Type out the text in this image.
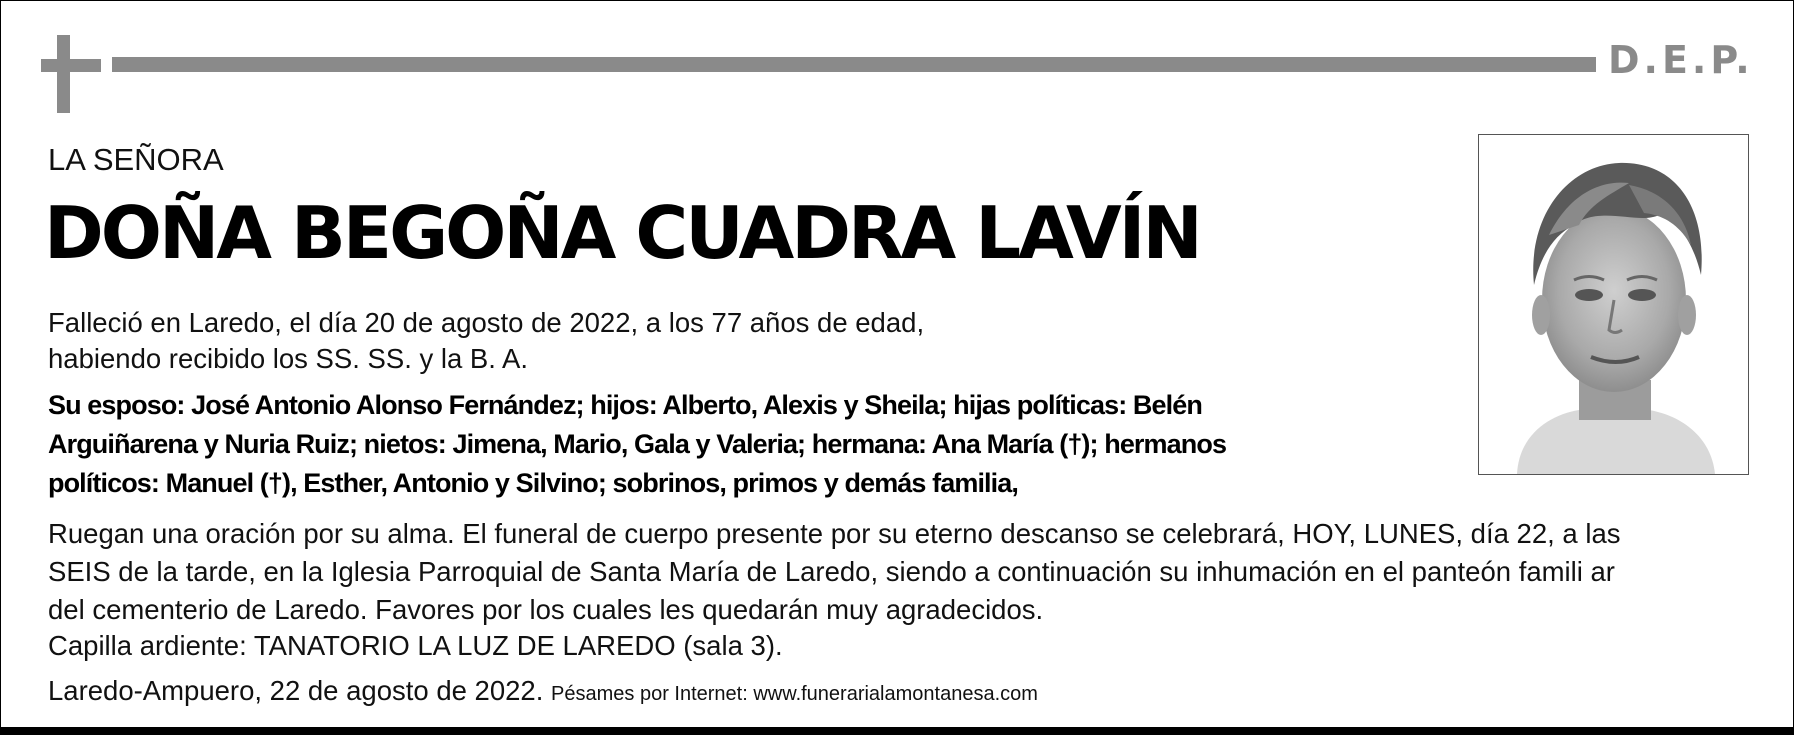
D.E.P.
LA SEÑORA
DOÑA BEGOÑA CUADRA LAVÍN
Falleció en Laredo, el día 20 de agosto de 2022, a los 77 años de edad,
habiendo recibido los SS. SS. y la B. A.
Su esposo: José Antonio Alonso Fernández; hijos: Alberto, Alexis y Sheila; hijas políticas: Belén
Arguiñarena y Nuria Ruiz; nietos: Jimena, Mario, Gala y Valeria; hermana: Ana María (†); hermanos
políticos: Manuel (†), Esther, Antonio y Silvino; sobrinos, primos y demás familia,
Ruegan una oración por su alma. El funeral de cuerpo presente por su eterno descanso se celebrará, HOY, LUNES, día 22, a las
SEIS de la tarde, en la Iglesia Parroquial de Santa María de Laredo, siendo a continuación su inhumación en el panteón famili ar
del cementerio de Laredo. Favores por los cuales les quedarán muy agradecidos.
Capilla ardiente: TANATORIO LA LUZ DE LAREDO (sala 3).
Laredo-Ampuero, 22 de agosto de 2022. Pésames por Internet: www.funerarialamontanesa.com
